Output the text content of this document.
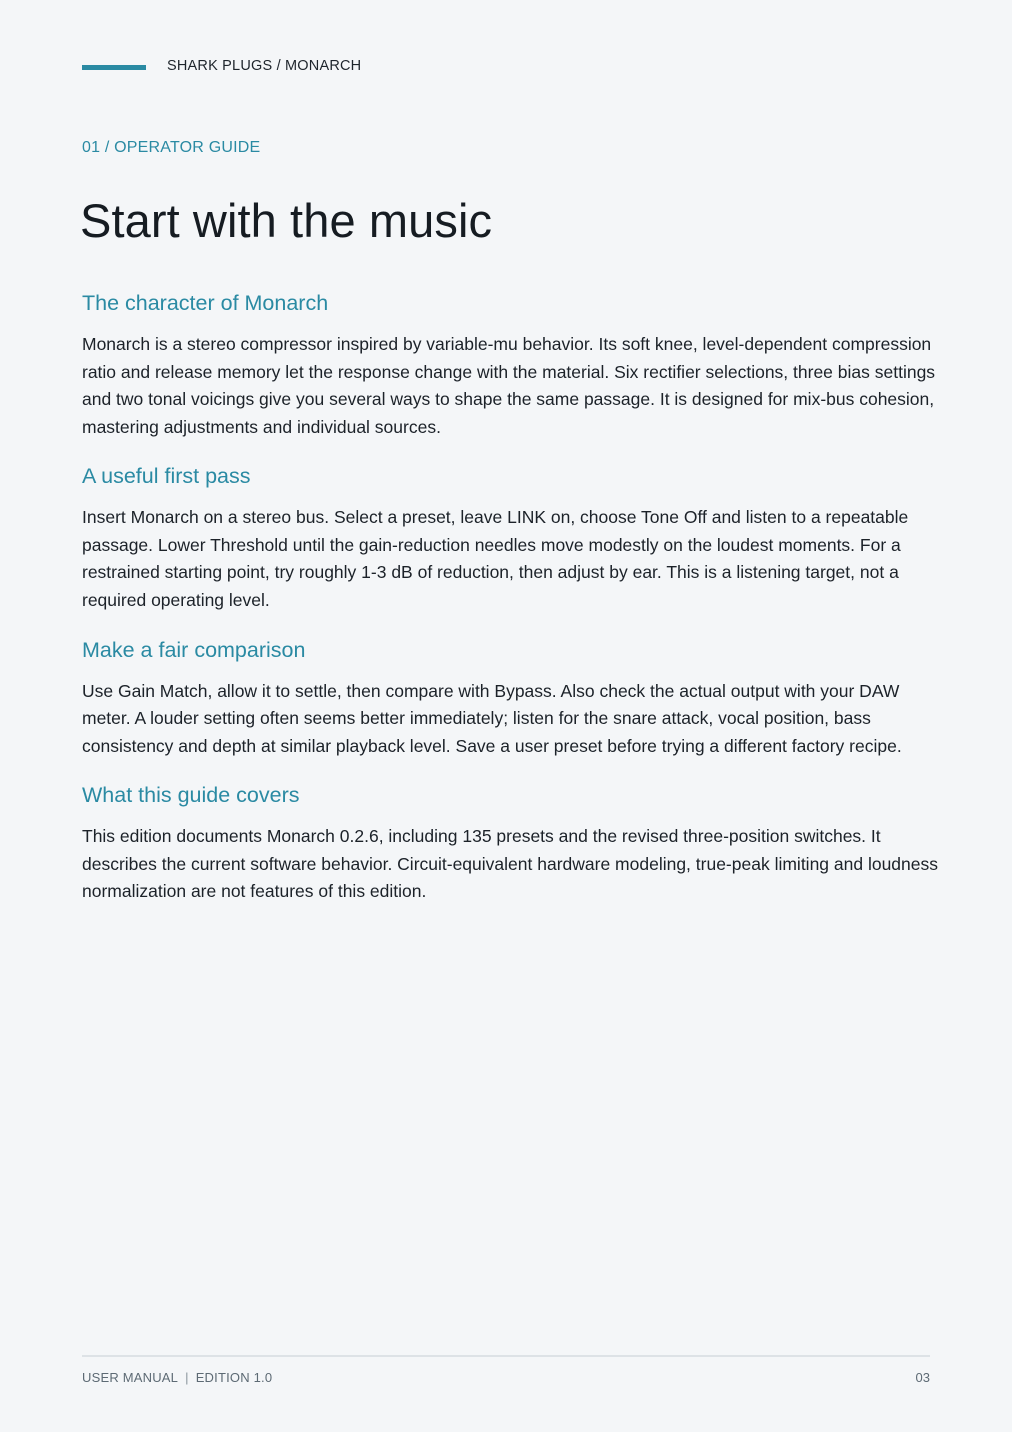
SHARK PLUGS / MONARCH
01 / OPERATOR GUIDE
Start with the music
The character of Monarch

Monarch is a stereo compressor inspired by variable-mu behavior. Its soft knee, level-dependent compression ratio and release memory let the response change with the material. Six rectifier selections, three bias settings and two tonal voicings give you several ways to shape the same passage. It is designed for mix-bus cohesion, mastering adjustments and individual sources.

A useful first pass

Insert Monarch on a stereo bus. Select a preset, leave LINK on, choose Tone Off and listen to a repeatable passage. Lower Threshold until the gain-reduction needles move modestly on the loudest moments. For a restrained starting point, try roughly 1-3 dB of reduction, then adjust by ear. This is a listening target, not a required operating level.

Make a fair comparison

Use Gain Match, allow it to settle, then compare with Bypass. Also check the actual output with your DAW meter. A louder setting often seems better immediately; listen for the snare attack, vocal position, bass consistency and depth at similar playback level. Save a user preset before trying a different factory recipe.

What this guide covers

This edition documents Monarch 0.2.6, including 135 presets and the revised three-position switches. It describes the current software behavior. Circuit-equivalent hardware modeling, true-peak limiting and loudness normalization are not features of this edition.

USER MANUAL | EDITION 1.0	03
